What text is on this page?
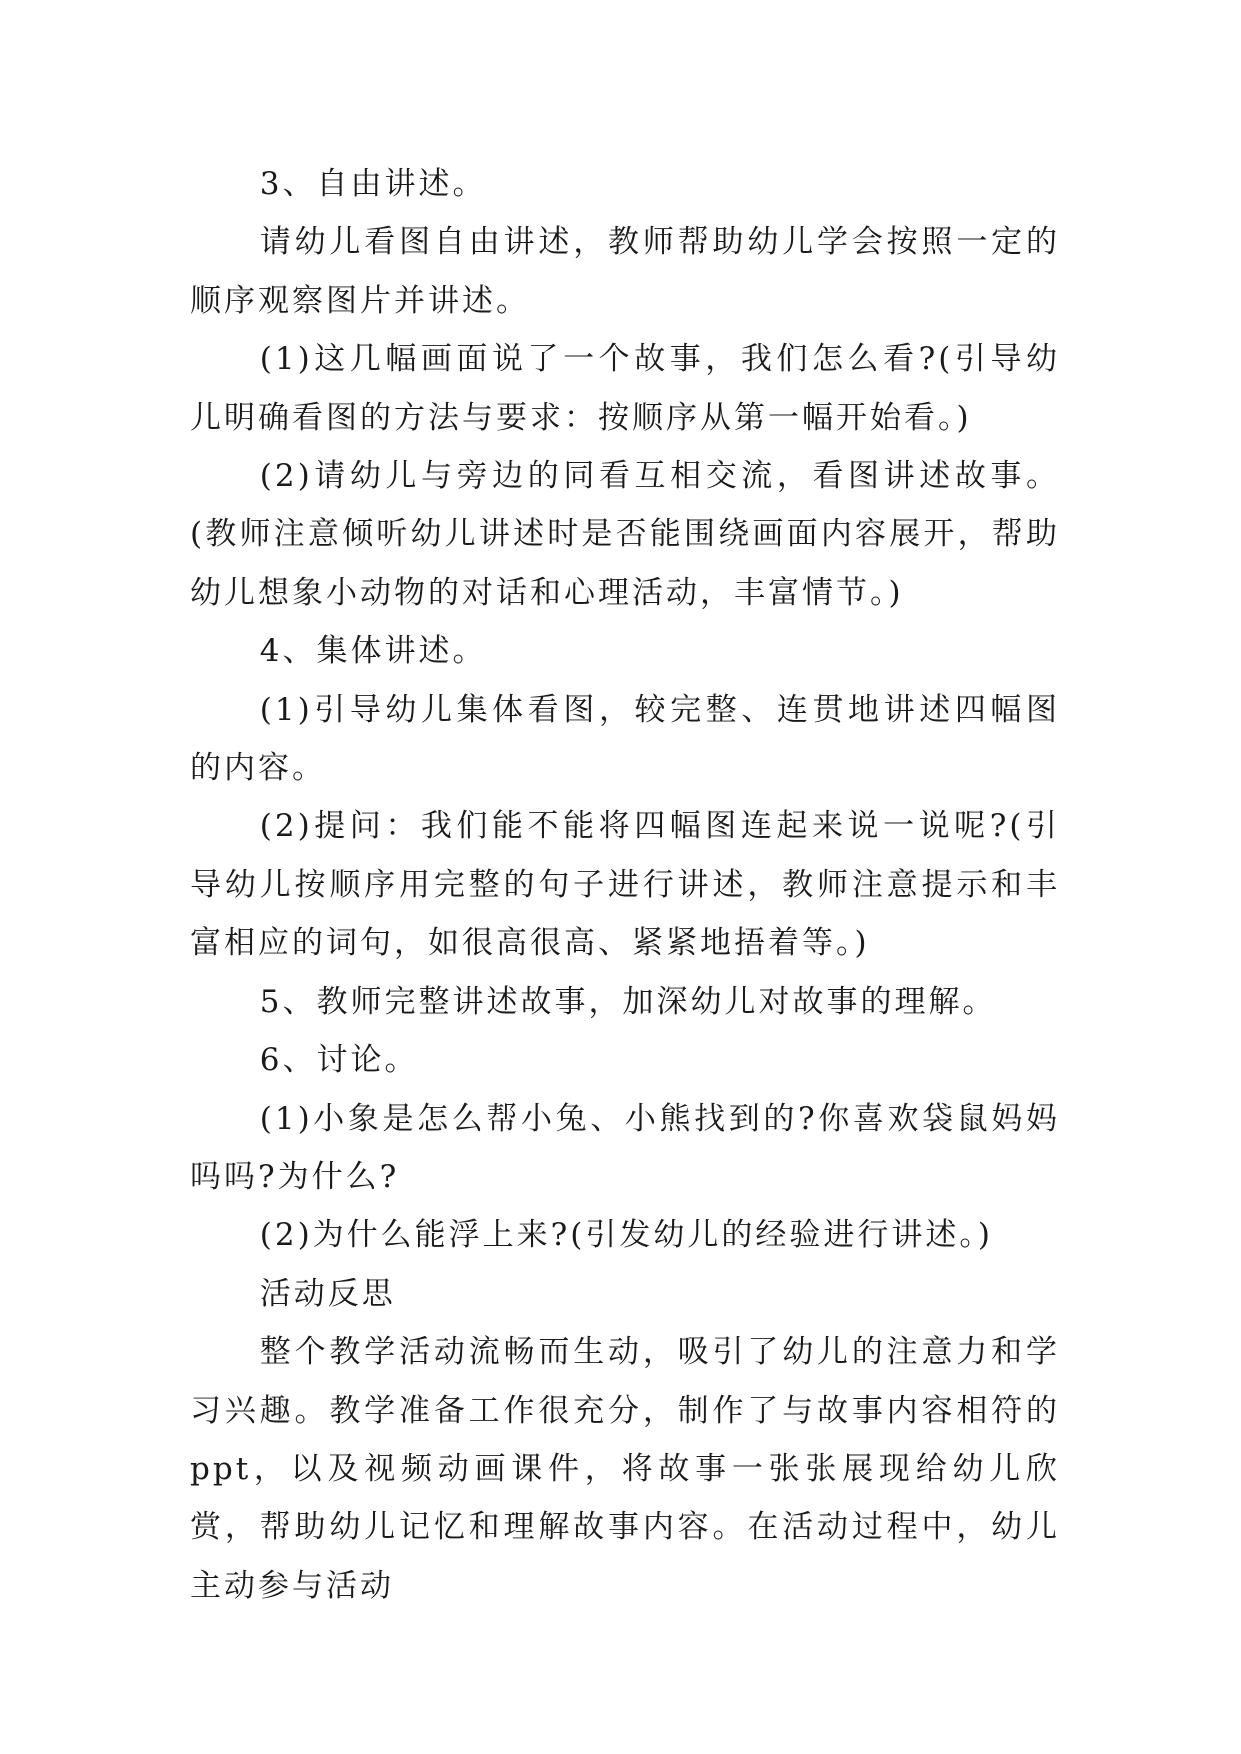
3、自由讲述。

请幼儿看图自由讲述，教师帮助幼儿学会按照一定的顺序观察图片并讲述。

(1)这几幅画面说了一个故事，我们怎么看?(引导幼儿明确看图的方法与要求：按顺序从第一幅开始看。)

(2)请幼儿与旁边的同看互相交流，看图讲述故事。(教师注意倾听幼儿讲述时是否能围绕画面内容展开，帮助幼儿想象小动物的对话和心理活动，丰富情节。)

4、集体讲述。

(1)引导幼儿集体看图，较完整、连贯地讲述四幅图的内容。

(2)提问：我们能不能将四幅图连起来说一说呢?(引导幼儿按顺序用完整的句子进行讲述，教师注意提示和丰富相应的词句，如很高很高、紧紧地捂着等。)

5、教师完整讲述故事，加深幼儿对故事的理解。

6、讨论。

(1)小象是怎么帮小兔、小熊找到的?你喜欢袋鼠妈妈吗吗?为什么?

(2)为什么能浮上来?(引发幼儿的经验进行讲述。)

活动反思

整个教学活动流畅而生动，吸引了幼儿的注意力和学习兴趣。教学准备工作很充分，制作了与故事内容相符的ppt，以及视频动画课件，将故事一张张展现给幼儿欣赏，帮助幼儿记忆和理解故事内容。在活动过程中，幼儿主动参与活动
